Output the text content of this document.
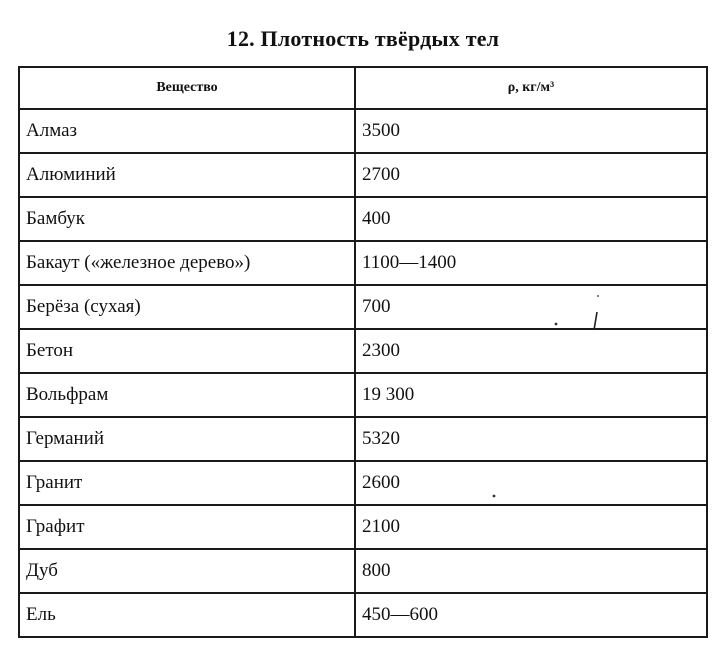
12. Плотность твёрдых тел
Вещество	ρ, кг/м³
Алмаз	3500
Алюминий	2700
Бамбук	400
Бакаут («железное дерево»)	1100—1400
Берёза (сухая)	700
Бетон	2300
Вольфрам	19 300
Германий	5320
Гранит	2600
Графит	2100
Дуб	800
Ель	450—600
